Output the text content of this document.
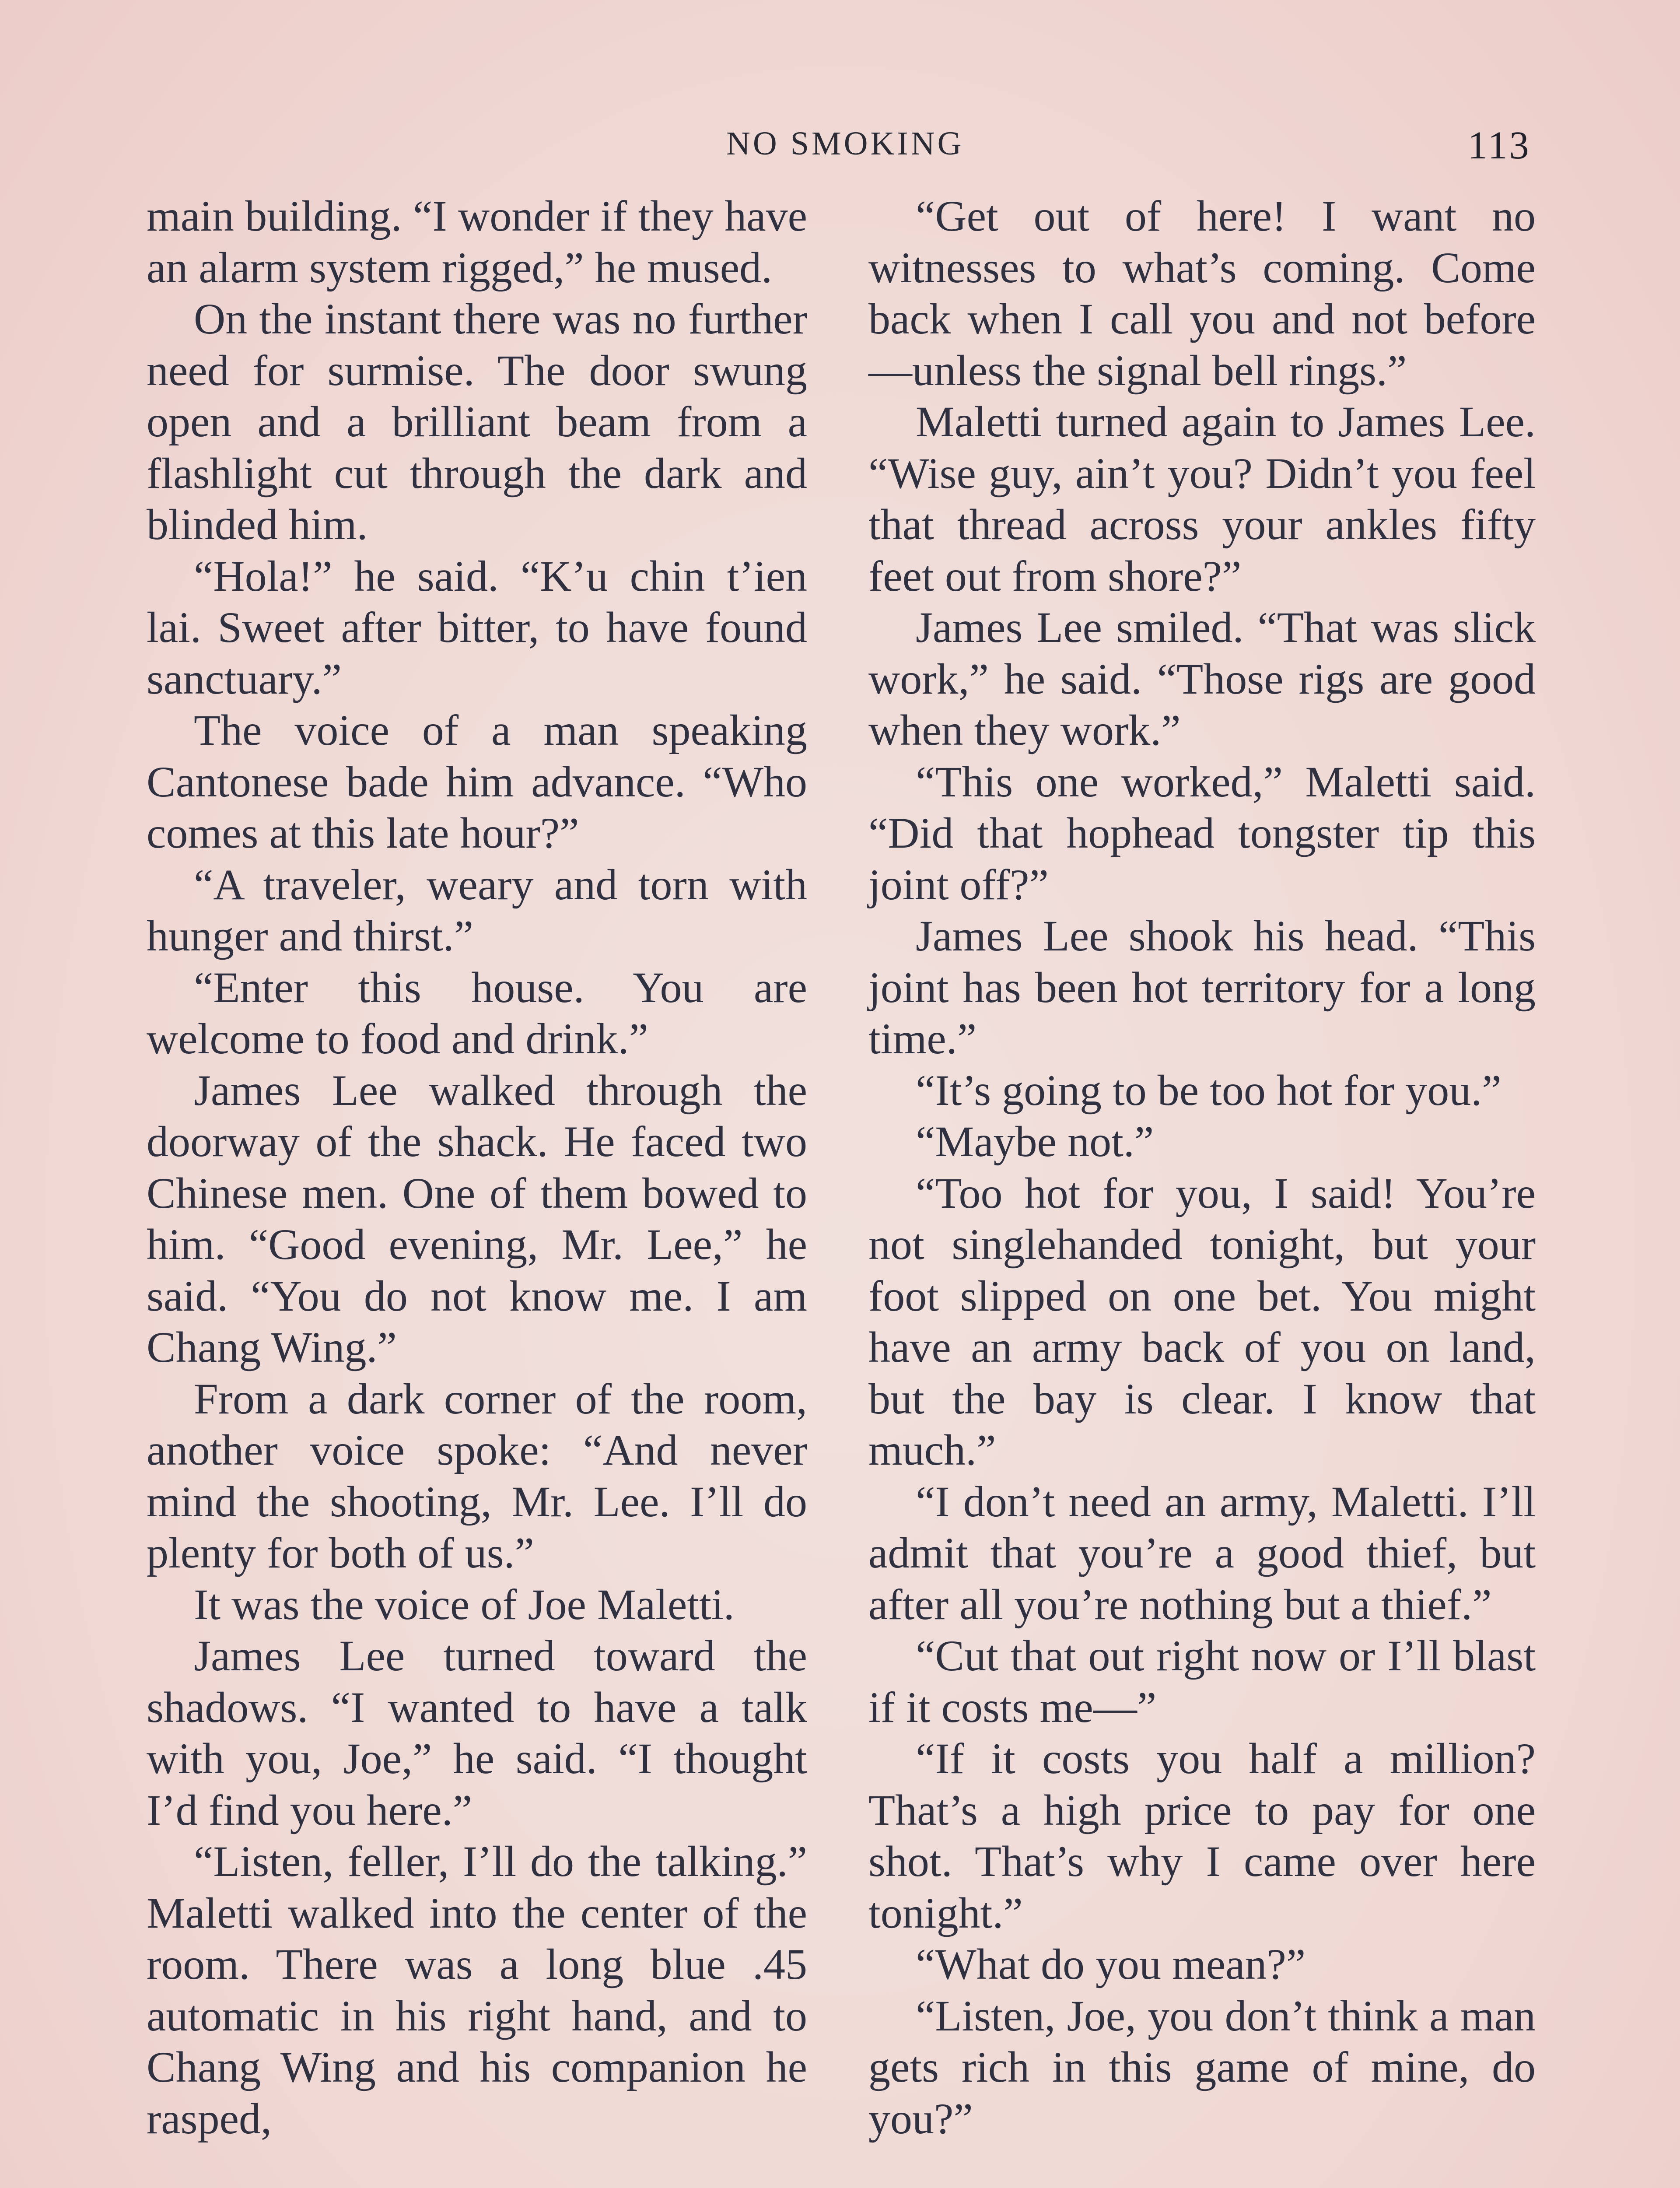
NO SMOKING	113

main building. “I wonder if they have an alarm system rigged,” he mused.

On the instant there was no further need for surmise. The door swung open and a brilliant beam from a flashlight cut through the dark and blinded him.

“Hola!” he said. “K’u chin t’ien lai. Sweet after bitter, to have found sanctuary.”

The voice of a man speaking Cantonese bade him advance. “Who comes at this late hour?”

“A traveler, weary and torn with hunger and thirst.”

“Enter this house. You are welcome to food and drink.”

James Lee walked through the doorway of the shack. He faced two Chinese men. One of them bowed to him. “Good evening, Mr. Lee,” he said. “You do not know me. I am Chang Wing.”

From a dark corner of the room, another voice spoke: “And never mind the shooting, Mr. Lee. I’ll do plenty for both of us.”

It was the voice of Joe Maletti.

James Lee turned toward the shadows. “I wanted to have a talk with you, Joe,” he said. “I thought I’d find you here.”

“Listen, feller, I’ll do the talking.” Maletti walked into the center of the room. There was a long blue .45 automatic in his right hand, and to Chang Wing and his companion he rasped,

“Get out of here! I want no witnesses to what’s coming. Come back when I call you and not before—unless the signal bell rings.”

Maletti turned again to James Lee. “Wise guy, ain’t you? Didn’t you feel that thread across your ankles fifty feet out from shore?”

James Lee smiled. “That was slick work,” he said. “Those rigs are good when they work.”

“This one worked,” Maletti said. “Did that hophead tongster tip this joint off?”

James Lee shook his head. “This joint has been hot territory for a long time.”

“It’s going to be too hot for you.”

“Maybe not.”

“Too hot for you, I said! You’re not singlehanded tonight, but your foot slipped on one bet. You might have an army back of you on land, but the bay is clear. I know that much.”

“I don’t need an army, Maletti. I’ll admit that you’re a good thief, but after all you’re nothing but a thief.”

“Cut that out right now or I’ll blast if it costs me—”

“If it costs you half a million? That’s a high price to pay for one shot. That’s why I came over here tonight.”

“What do you mean?”

“Listen, Joe, you don’t think a man gets rich in this game of mine, do you?”
